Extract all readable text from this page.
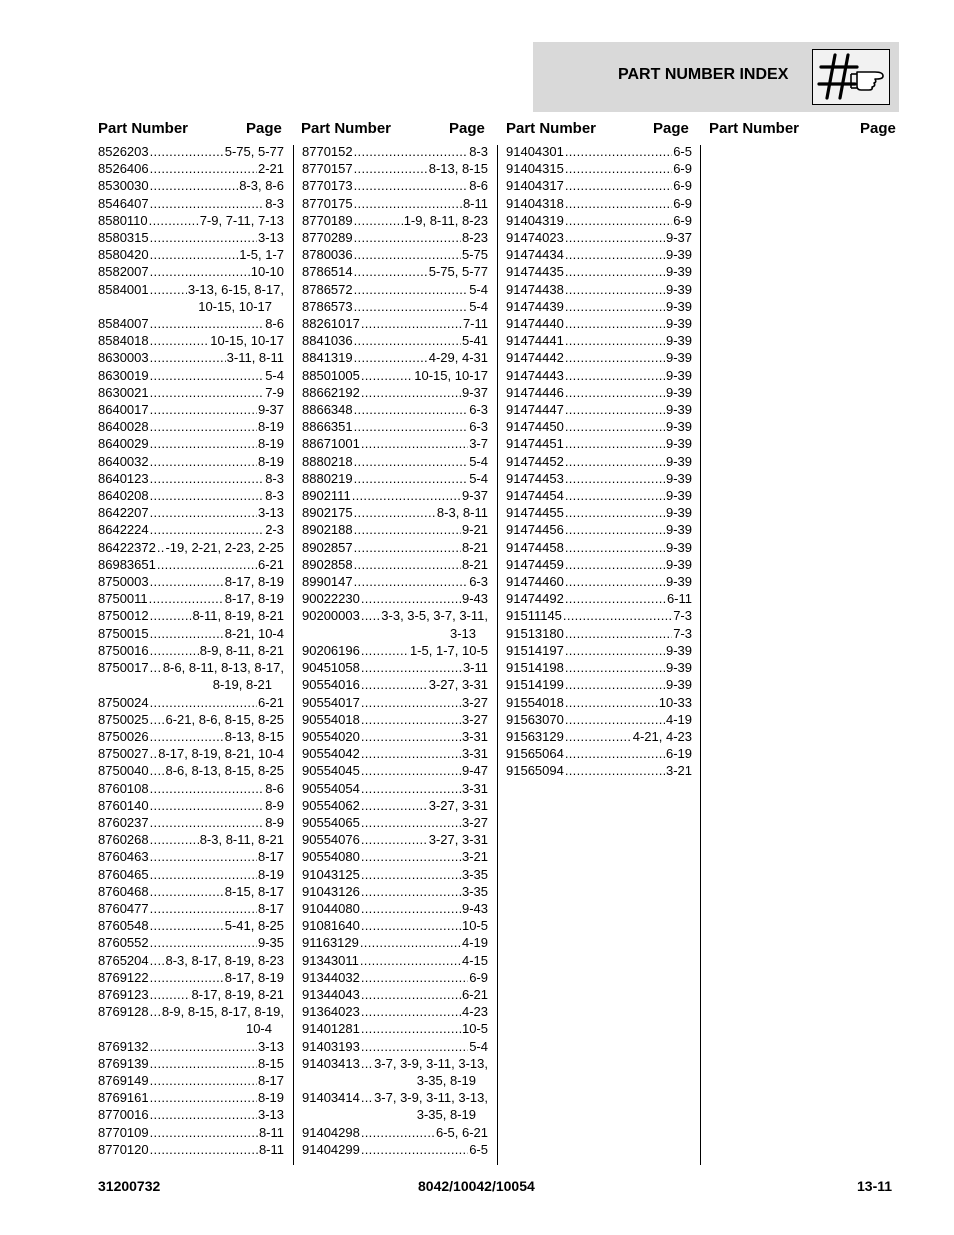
PART NUMBER INDEX
Part Number	Page Part Number	Page Part Number	Page Part Number	Page
8526203 .....	5-75, 5-77
8526406 .....	2-21
8530030 .....	8-3, 8-6
8546407 .....	8-3
8580110 .....	7-9, 7-11, 7-13
8580315 .....	3-13
8580420 .....	1-5, 1-7
8582007 .....	10-10
8584001 .....	3-13, 6-15, 8-17,
10-15, 10-17
8584007 .....	8-6
8584018 .....	10-15, 10-17
8630003 .....	3-11, 8-11
8630019 .....	5-4
8630021 .....	7-9
8640017 .....	9-37
8640028 .....	8-19
8640029 .....	8-19
8640032 .....	8-19
8640123 .....	8-3
8640208 .....	8-3
8642207 .....	3-13
8642224 .....	2-3
86422372 ..... -19, 2-21, 2-23, 2-25
86983651 .....	6-21
8750003 .....	8-17, 8-19
8750011 .....	8-17, 8-19
8750012 .....	8-11, 8-19, 8-21
8750015 .....	8-21, 10-4
8750016 .....	8-9, 8-11, 8-21
8750017 ..... 8-6, 8-11, 8-13, 8-17,
8-19, 8-21
8750024 .....	6-21
8750025 ..... 6-21, 8-6, 8-15, 8-25
8750026 .....	8-13, 8-15
8750027 ..... 8-17, 8-19, 8-21, 10-4
8750040 ..... 8-6, 8-13, 8-15, 8-25
8760108 .....	8-6
8760140 .....	8-9
8760237 .....	8-9
8760268 .....	8-3, 8-11, 8-21
8760463 .....	8-17
8760465 .....	8-19
8760468 .....	8-15, 8-17
8760477 .....	8-17
8760548 .....	5-41, 8-25
8760552 .....	9-35
8765204 ..... 8-3, 8-17, 8-19, 8-23
8769122 .....	8-17, 8-19
8769123 .....	8-17, 8-19, 8-21
8769128 ..... 8-9, 8-15, 8-17, 8-19,
10-4
8769132 .....	3-13
8769139 .....	8-15
8769149 .....	8-17
8769161 .....	8-19
8770016 .....	3-13
8770109 .....	8-11
8770120 .....	8-11
8770152 .....	8-3
8770157 .....	8-13, 8-15
8770173 .....	8-6
8770175 .....	8-11
8770189 .....	1-9, 8-11, 8-23
8770289 .....	8-23
8780036 .....	5-75
8786514 .....	5-75, 5-77
8786572 .....	5-4
8786573 .....	5-4
88261017 .....	7-11
8841036 .....	5-41
8841319 .....	4-29, 4-31
88501005 .....	10-15, 10-17
88662192 .....	9-37
8866348 .....	6-3
8866351 .....	6-3
88671001 .....	3-7
8880218 .....	5-4
8880219 .....	5-4
8902111 .....	9-37
8902175 .....	8-3, 8-11
8902188 .....	9-21
8902857 .....	8-21
8902858 .....	8-21
8990147 .....	6-3
90022230 .....	9-43
90200003 ..... 3-3, 3-5, 3-7, 3-11,
3-13
90206196 .....	1-5, 1-7, 10-5
90451058 .....	3-11
90554016 .....	3-27, 3-31
90554017 .....	3-27
90554018 .....	3-27
90554020 .....	3-31
90554042 .....	3-31
90554045 .....	9-47
90554054 .....	3-31
90554062 .....	3-27, 3-31
90554065 .....	3-27
90554076 .....	3-27, 3-31
90554080 .....	3-21
91043125 .....	3-35
91043126 .....	3-35
91044080 .....	9-43
91081640 .....	10-5
91163129 .....	4-19
91343011 .....	4-15
91344032 .....	6-9
91344043 .....	6-21
91364023 .....	4-23
91401281 .....	10-5
91403193 .....	5-4
91403413 ..... 3-7, 3-9, 3-11, 3-13,
3-35, 8-19
91403414 ..... 3-7, 3-9, 3-11, 3-13,
3-35, 8-19
91404298 .....	6-5, 6-21
91404299 .....	6-5
91404301 .....	6-5
91404315 .....	6-9
91404317 .....	6-9
91404318 .....	6-9
91404319 .....	6-9
91474023 .....	9-37
91474434 .....	9-39
91474435 .....	9-39
91474438 .....	9-39
91474439 .....	9-39
91474440 .....	9-39
91474441 .....	9-39
91474442 .....	9-39
91474443 .....	9-39
91474446 .....	9-39
91474447 .....	9-39
91474450 .....	9-39
91474451 .....	9-39
91474452 .....	9-39
91474453 .....	9-39
91474454 .....	9-39
91474455 .....	9-39
91474456 .....	9-39
91474458 .....	9-39
91474459 .....	9-39
91474460 .....	9-39
91474492 .....	6-11
91511145 .....	7-3
91513180 .....	7-3
91514197 .....	9-39
91514198 .....	9-39
91514199 .....	9-39
91554018 .....	10-33
91563070 .....	4-19
91563129 .....	4-21, 4-23
91565064 .....	6-19
91565094 .....	3-21
31200732	8042/10042/10054	13-11
